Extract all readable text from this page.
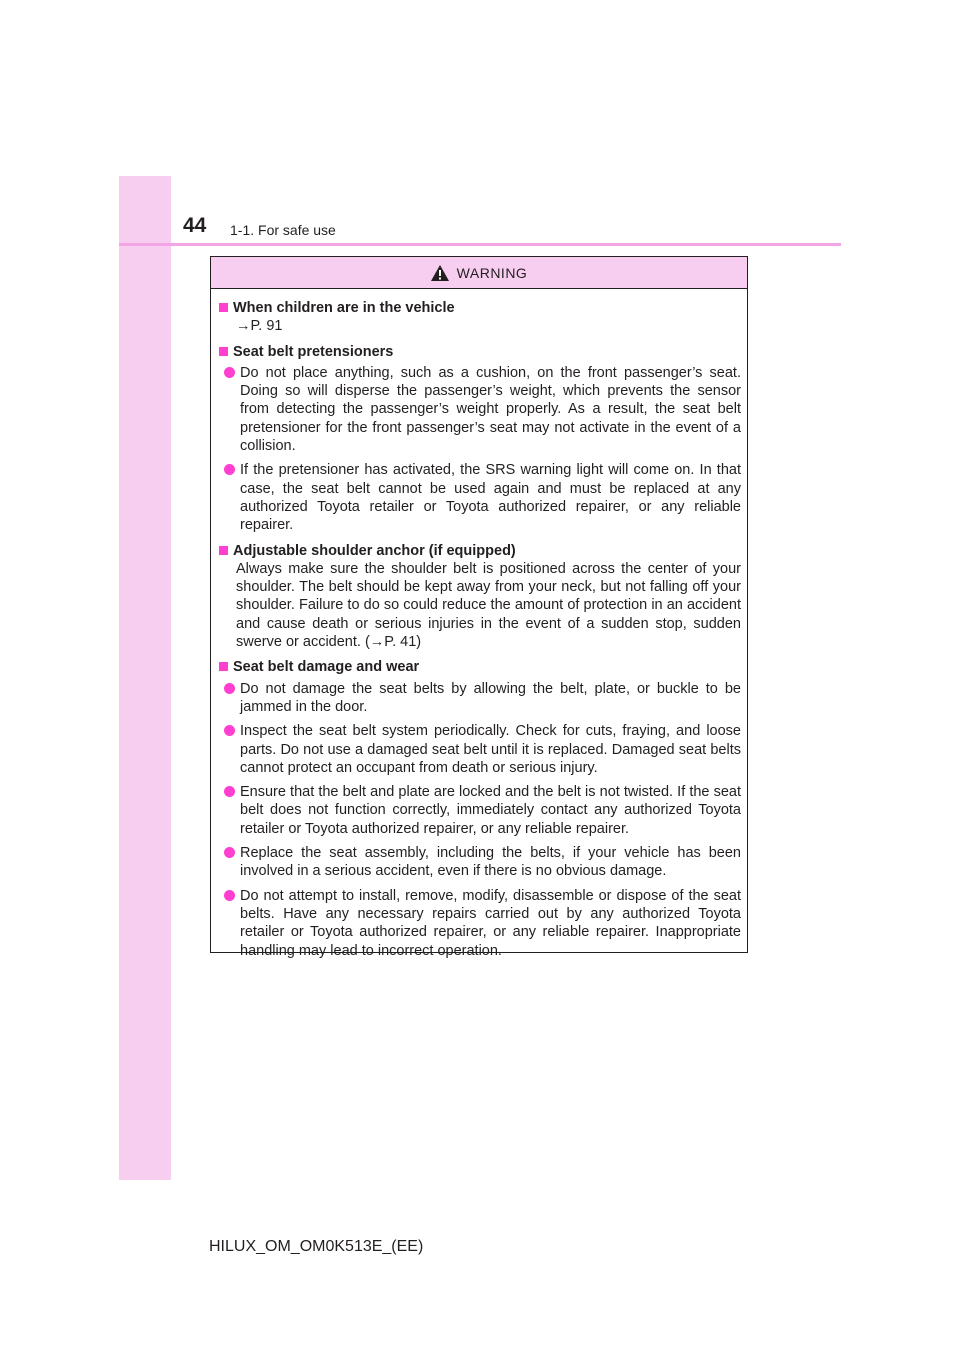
44 1-1. For safe use
WARNING
When children are in the vehicle
→P. 91
Seat belt pretensioners
Do not place anything, such as a cushion, on the front passenger’s seat. Doing so will disperse the passenger’s weight, which prevents the sensor from detecting the passenger’s weight properly. As a result, the seat belt pretensioner for the front passenger’s seat may not activate in the event of a collision.
If the pretensioner has activated, the SRS warning light will come on. In that case, the seat belt cannot be used again and must be replaced at any authorized Toyota retailer or Toyota authorized repairer, or any reliable repairer.
Adjustable shoulder anchor (if equipped)
Always make sure the shoulder belt is positioned across the center of your shoulder. The belt should be kept away from your neck, but not falling off your shoulder. Failure to do so could reduce the amount of protection in an accident and cause death or serious injuries in the event of a sudden stop, sudden swerve or accident. (→P. 41)
Seat belt damage and wear
Do not damage the seat belts by allowing the belt, plate, or buckle to be jammed in the door.
Inspect the seat belt system periodically. Check for cuts, fraying, and loose parts. Do not use a damaged seat belt until it is replaced. Damaged seat belts cannot protect an occupant from death or serious injury.
Ensure that the belt and plate are locked and the belt is not twisted. If the seat belt does not function correctly, immediately contact any authorized Toyota retailer or Toyota authorized repairer, or any reliable repairer.
Replace the seat assembly, including the belts, if your vehicle has been involved in a serious accident, even if there is no obvious damage.
Do not attempt to install, remove, modify, disassemble or dispose of the seat belts. Have any necessary repairs carried out by any authorized Toyota retailer or Toyota authorized repairer, or any reliable repairer. Inappropriate handling may lead to incorrect operation.
HILUX_OM_OM0K513E_(EE)
